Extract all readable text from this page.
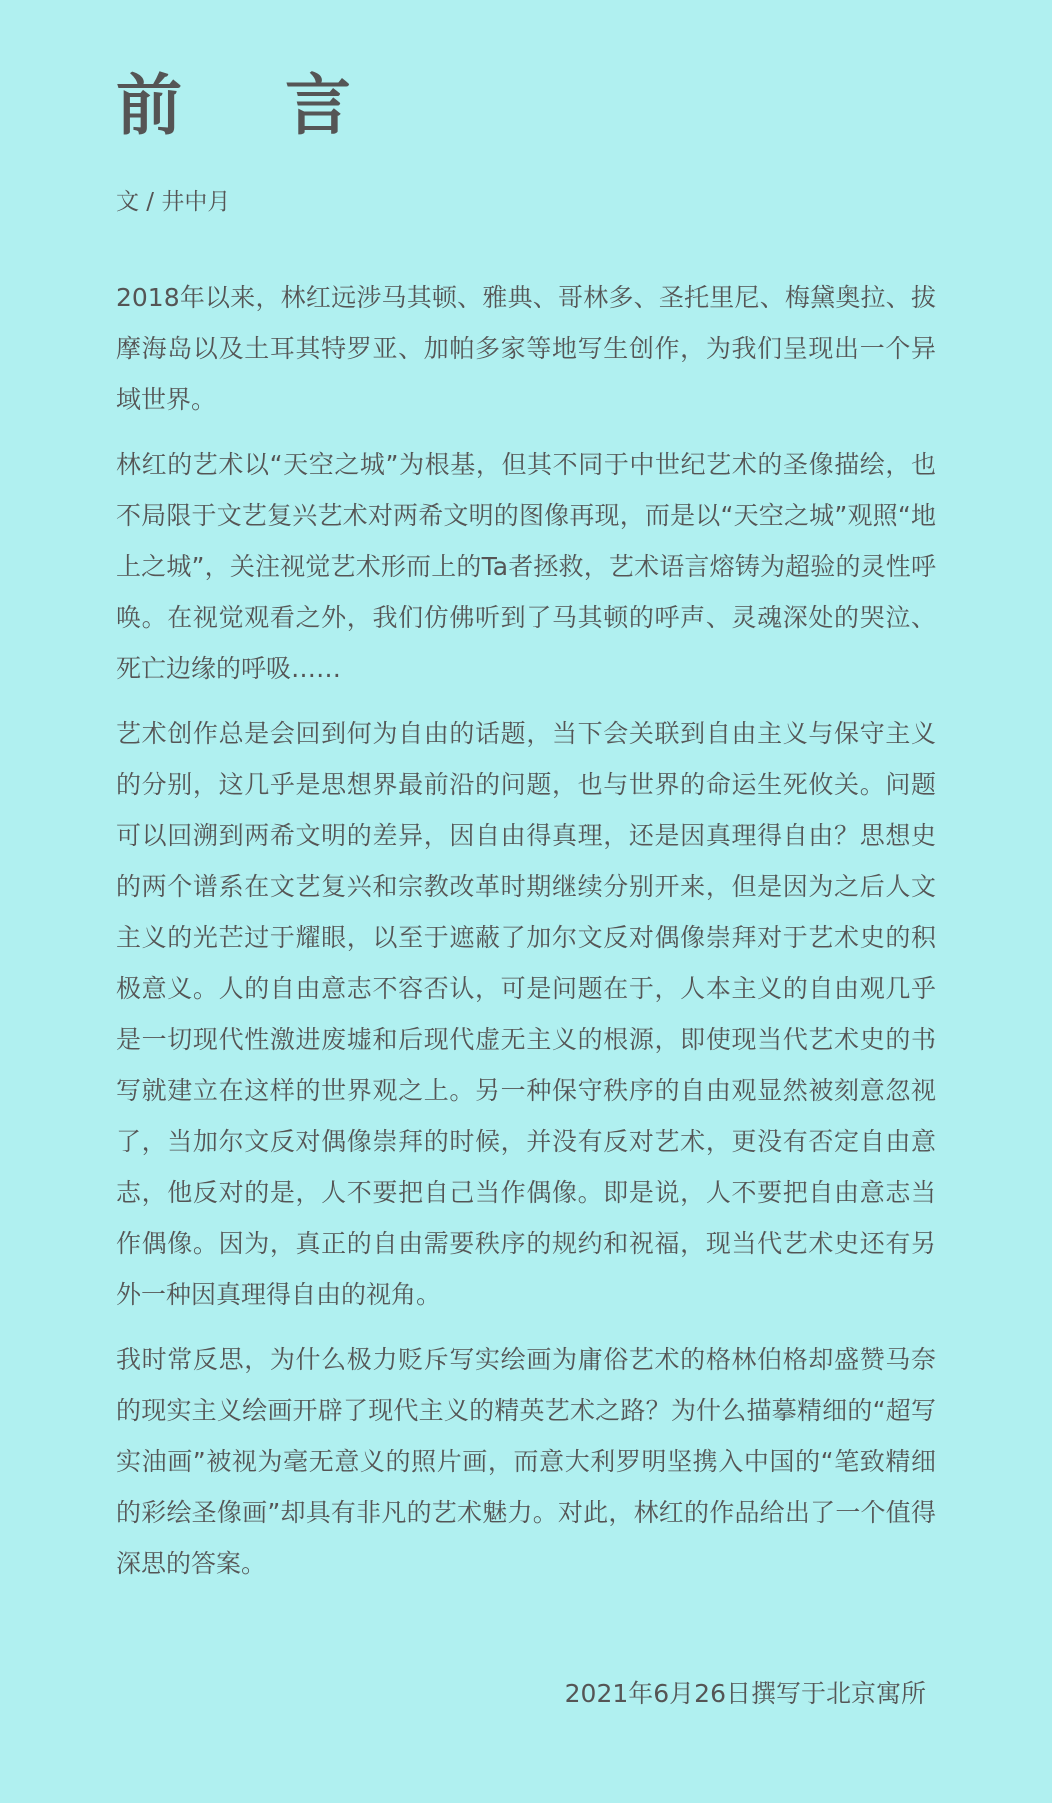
前 言
文 / 井中月

2018年以来，林红远涉马其顿、雅典、哥林多、圣托里尼、梅黛奥拉、拔摩海岛以及土耳其特罗亚、加帕多家等地写生创作，为我们呈现出一个异域世界。

林红的艺术以“天空之城”为根基，但其不同于中世纪艺术的圣像描绘，也不局限于文艺复兴艺术对两希文明的图像再现，而是以“天空之城”观照“地上之城”，关注视觉艺术形而上的Ta者拯救，艺术语言熔铸为超验的灵性呼唤。在视觉观看之外，我们仿佛听到了马其顿的呼声、灵魂深处的哭泣、死亡边缘的呼吸……

艺术创作总是会回到何为自由的话题，当下会关联到自由主义与保守主义的分别，这几乎是思想界最前沿的问题，也与世界的命运生死攸关。问题可以回溯到两希文明的差异，因自由得真理，还是因真理得自由？思想史的两个谱系在文艺复兴和宗教改革时期继续分别开来，但是因为之后人文主义的光芒过于耀眼，以至于遮蔽了加尔文反对偶像崇拜对于艺术史的积极意义。人的自由意志不容否认，可是问题在于，人本主义的自由观几乎是一切现代性激进废墟和后现代虚无主义的根源，即使现当代艺术史的书写就建立在这样的世界观之上。另一种保守秩序的自由观显然被刻意忽视了，当加尔文反对偶像崇拜的时候，并没有反对艺术，更没有否定自由意志，他反对的是，人不要把自己当作偶像。即是说，人不要把自由意志当作偶像。因为，真正的自由需要秩序的规约和祝福，现当代艺术史还有另外一种因真理得自由的视角。

我时常反思，为什么极力贬斥写实绘画为庸俗艺术的格林伯格却盛赞马奈的现实主义绘画开辟了现代主义的精英艺术之路？为什么描摹精细的“超写实油画”被视为毫无意义的照片画，而意大利罗明坚携入中国的“笔致精细的彩绘圣像画”却具有非凡的艺术魅力。对此，林红的作品给出了一个值得深思的答案。

2021年6月26日撰写于北京寓所
